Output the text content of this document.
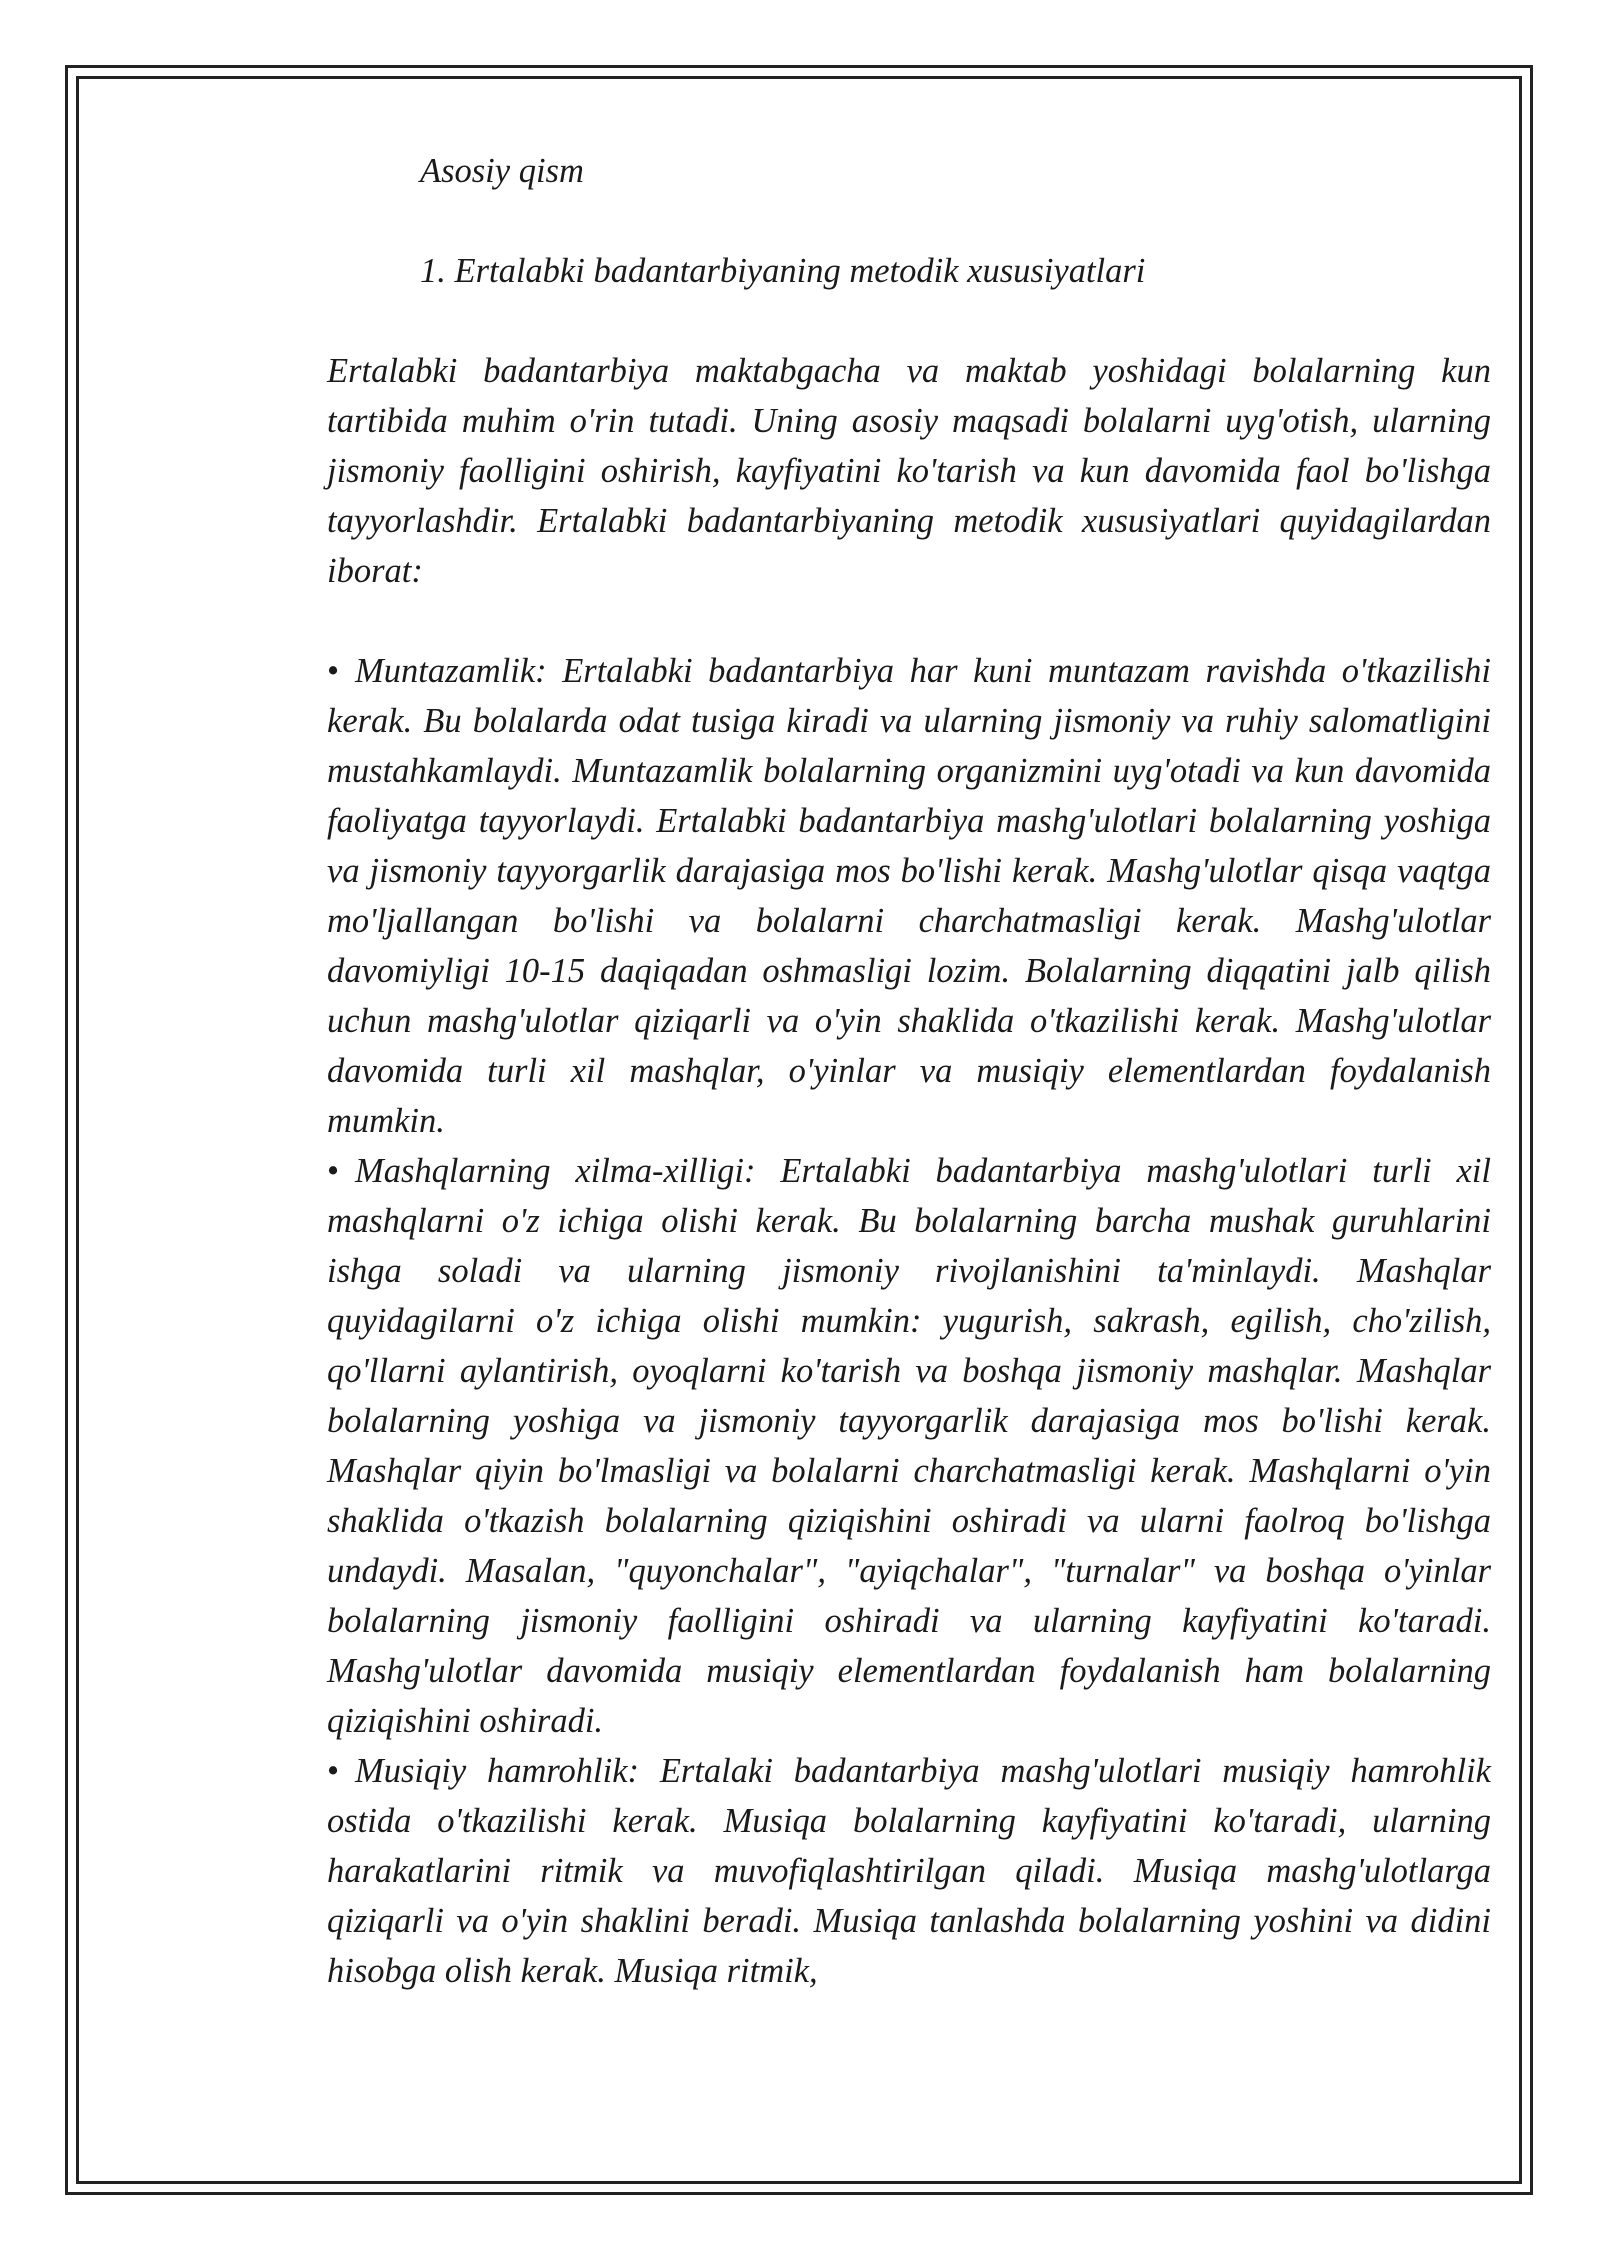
Asosiy qism

1. Ertalabki badantarbiyaning metodik xususiyatlari

Ertalabki badantarbiya maktabgacha va maktab yoshidagi bolalarning kun tartibida muhim o'rin tutadi. Uning asosiy maqsadi bolalarni uyg'otish, ularning jismoniy faolligini oshirish, kayfiyatini ko'tarish va kun davomida faol bo'lishga tayyorlashdir. Ertalabki badantarbiyaning metodik xususiyatlari quyidagilardan iborat:

• Muntazamlik: Ertalabki badantarbiya har kuni muntazam ravishda o'tkazilishi kerak. Bu bolalarda odat tusiga kiradi va ularning jismoniy va ruhiy salomatligini mustahkamlaydi. Muntazamlik bolalarning organizmini uyg'otadi va kun davomida faoliyatga tayyorlaydi. Ertalabki badantarbiya mashg'ulotlari bolalarning yoshiga va jismoniy tayyorgarlik darajasiga mos bo'lishi kerak. Mashg'ulotlar qisqa vaqtga mo'ljallangan bo'lishi va bolalarni charchatmasligi kerak. Mashg'ulotlar davomiyligi 10-15 daqiqadan oshmasligi lozim. Bolalarning diqqatini jalb qilish uchun mashg'ulotlar qiziqarli va o'yin shaklida o'tkazilishi kerak. Mashg'ulotlar davomida turli xil mashqlar, o'yinlar va musiqiy elementlardan foydalanish mumkin.

• Mashqlarning xilma-xilligi: Ertalabki badantarbiya mashg'ulotlari turli xil mashqlarni o'z ichiga olishi kerak. Bu bolalarning barcha mushak guruhlarini ishga soladi va ularning jismoniy rivojlanishini ta'minlaydi. Mashqlar quyidagilarni o'z ichiga olishi mumkin: yugurish, sakrash, egilish, cho'zilish, qo'llarni aylantirish, oyoqlarni ko'tarish va boshqa jismoniy mashqlar. Mashqlar bolalarning yoshiga va jismoniy tayyorgarlik darajasiga mos bo'lishi kerak. Mashqlar qiyin bo'lmasligi va bolalarni charchatmasligi kerak. Mashqlarni o'yin shaklida o'tkazish bolalarning qiziqishini oshiradi va ularni faolroq bo'lishga undaydi. Masalan, "quyonchalar", "ayiqchalar", "turnalar" va boshqa o'yinlar bolalarning jismoniy faolligini oshiradi va ularning kayfiyatini ko'taradi. Mashg'ulotlar davomida musiqiy elementlardan foydalanish ham bolalarning qiziqishini oshiradi.

• Musiqiy hamrohlik: Ertalaki badantarbiya mashg'ulotlari musiqiy hamrohlik ostida o'tkazilishi kerak. Musiqa bolalarning kayfiyatini ko'taradi, ularning harakatlarini ritmik va muvofiqlashtirilgan qiladi. Musiqa mashg'ulotlarga qiziqarli va o'yin shaklini beradi. Musiqa tanlashda bolalarning yoshini va didini hisobga olish kerak. Musiqa ritmik,
